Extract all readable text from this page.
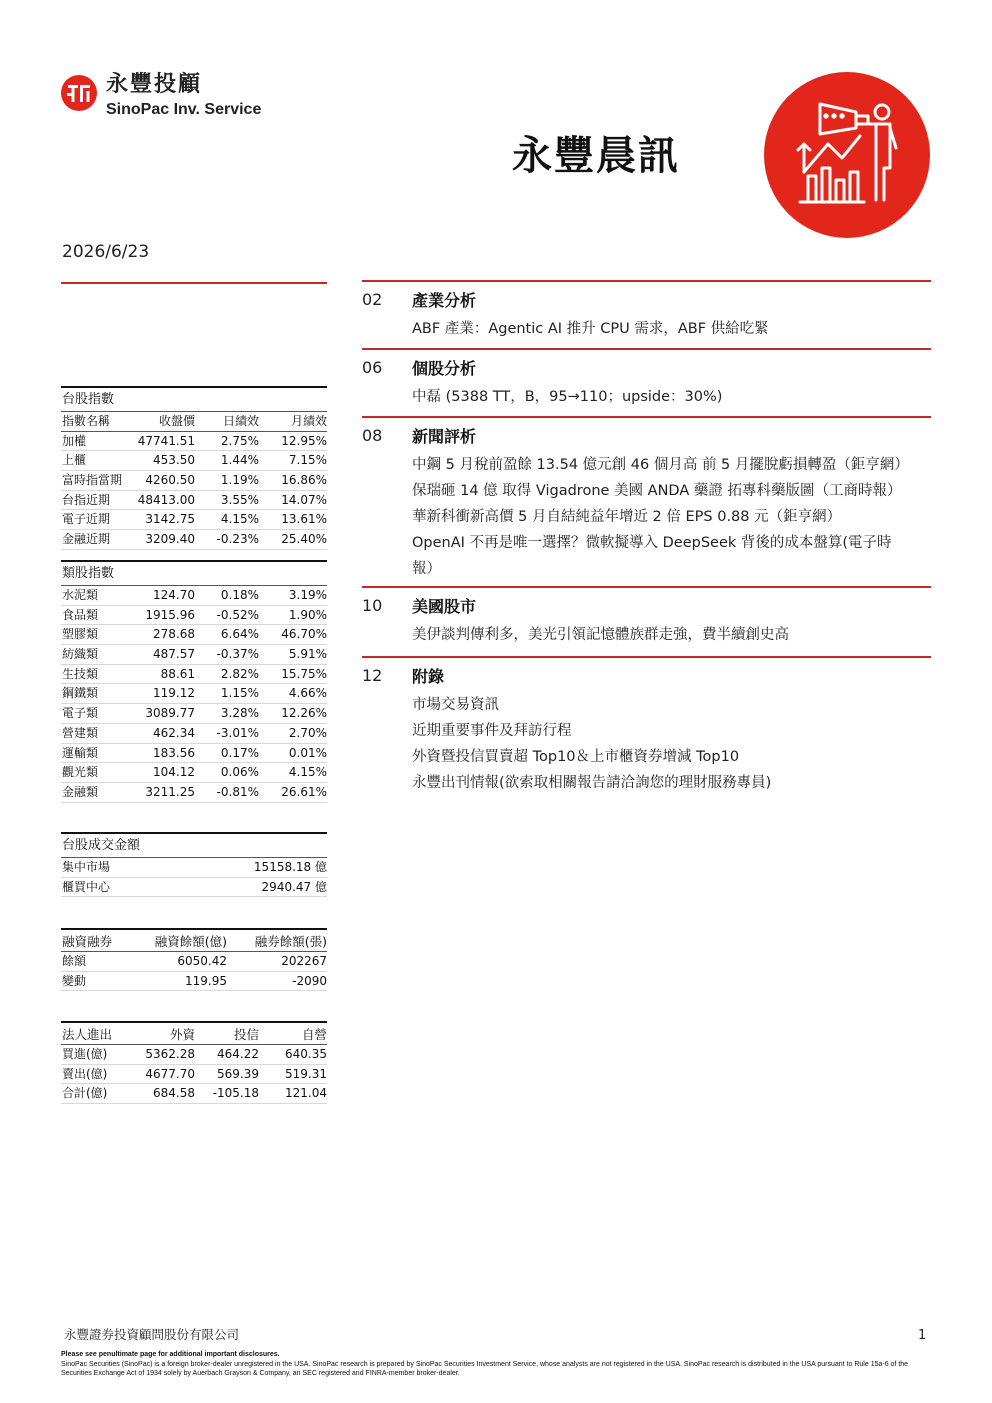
永豐投顧
SinoPac Inv. Service
永豐晨訊
2026/6/23
台股指數
指數名稱	收盤價	日績效	月績效
加權	47741.51	2.75%	12.95%
上櫃	453.50	1.44%	7.15%
富時指當期	4260.50	1.19%	16.86%
台指近期	48413.00	3.55%	14.07%
電子近期	3142.75	4.15%	13.61%
金融近期	3209.40	-0.23%	25.40%
類股指數
水泥類	124.70	0.18%	3.19%
食品類	1915.96	-0.52%	1.90%
塑膠類	278.68	6.64%	46.70%
紡織類	487.57	-0.37%	5.91%
生技類	88.61	2.82%	15.75%
鋼鐵類	119.12	1.15%	4.66%
電子類	3089.77	3.28%	12.26%
營建類	462.34	-3.01%	2.70%
運輸類	183.56	0.17%	0.01%
觀光類	104.12	0.06%	4.15%
金融類	3211.25	-0.81%	26.61%
台股成交金額
集中市場	15158.18 億
櫃買中心	2940.47 億
融資融券	融資餘額(億)	融券餘額(張)
餘額	6050.42	202267
變動	119.95	-2090
法人進出	外資	投信	自營
買進(億)	5362.28	464.22	640.35
賣出(億)	4677.70	569.39	519.31
合計(億)	684.58	-105.18	121.04
02	產業分析
ABF 產業：Agentic AI 推升 CPU 需求，ABF 供給吃緊
06	個股分析
中磊 (5388 TT，B，95→110；upside：30%)
08	新聞評析
中鋼 5 月稅前盈餘 13.54 億元創 46 個月高 前 5 月擺脫虧損轉盈（鉅亨網）
保瑞砸 14 億 取得 Vigadrone 美國 ANDA 藥證 拓專科藥版圖（工商時報）
華新科衝新高價 5 月自結純益年增近 2 倍 EPS 0.88 元（鉅亨網）
OpenAI 不再是唯一選擇？微軟擬導入 DeepSeek 背後的成本盤算(電子時
報）
10	美國股市
美伊談判傳利多，美光引領記憶體族群走強，費半續創史高
12	附錄
市場交易資訊
近期重要事件及拜訪行程
外資暨投信買賣超 Top10＆上市櫃資券增減 Top10
永豐出刊情報(欲索取相關報告請洽詢您的理財服務專員)
永豐證券投資顧問股份有限公司	1
Please see penultimate page for additional important disclosures.
SinoPac Securities (SinoPac) is a foreign broker-dealer unregistered in the USA. SinoPac research is prepared by SinoPac Securities Investment Service, whose analysts are not registered in the USA. SinoPac research is distributed in the USA pursuant to Rule 15a-6 of the Securities Exchange Act of 1934 solely by Auerbach Grayson & Company, an SEC registered and FINRA-member broker-dealer.
